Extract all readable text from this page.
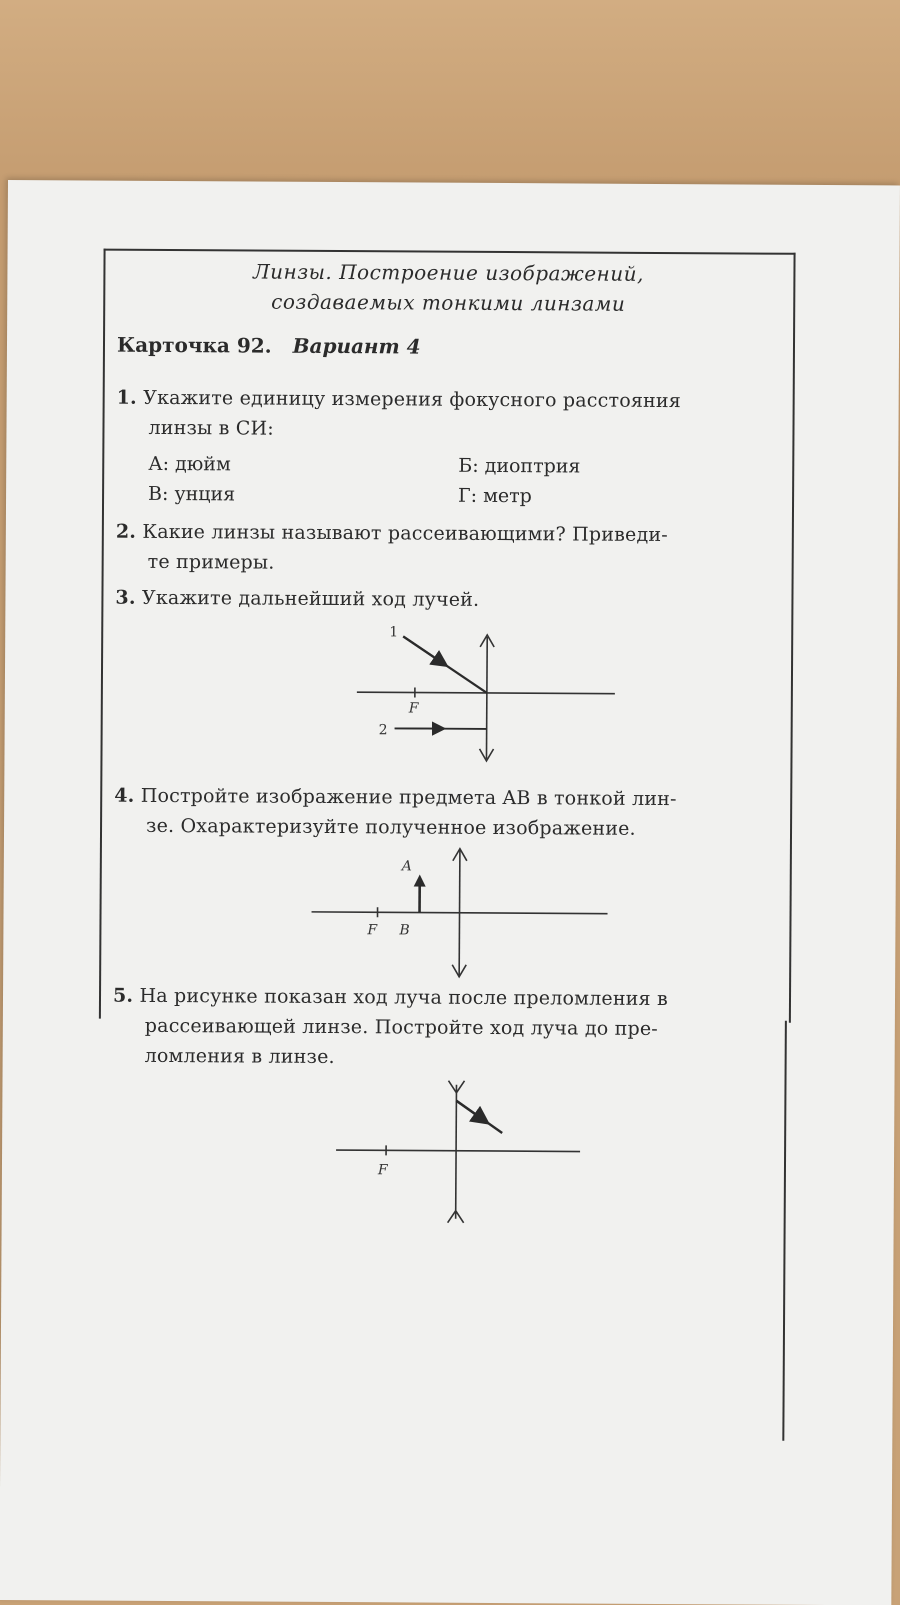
Линзы. Построение изображений,
создаваемых тонкими линзами
Карточка 92. Вариант 4
1. Укажите единицу измерения фокусного расстояния
линзы в СИ:
А: дюйм	Б: диоптрия
В: унция	Г: метр
2. Какие линзы называют рассеивающими? Приведи-
те примеры.
3. Укажите дальнейший ход лучей.
F
1
2
4. Постройте изображение предмета AB в тонкой лин-
зе. Охарактеризуйте полученное изображение.
F
A
B
5. На рисунке показан ход луча после преломления в
рассеивающей линзе. Постройте ход луча до пре-
ломления в линзе.
F
